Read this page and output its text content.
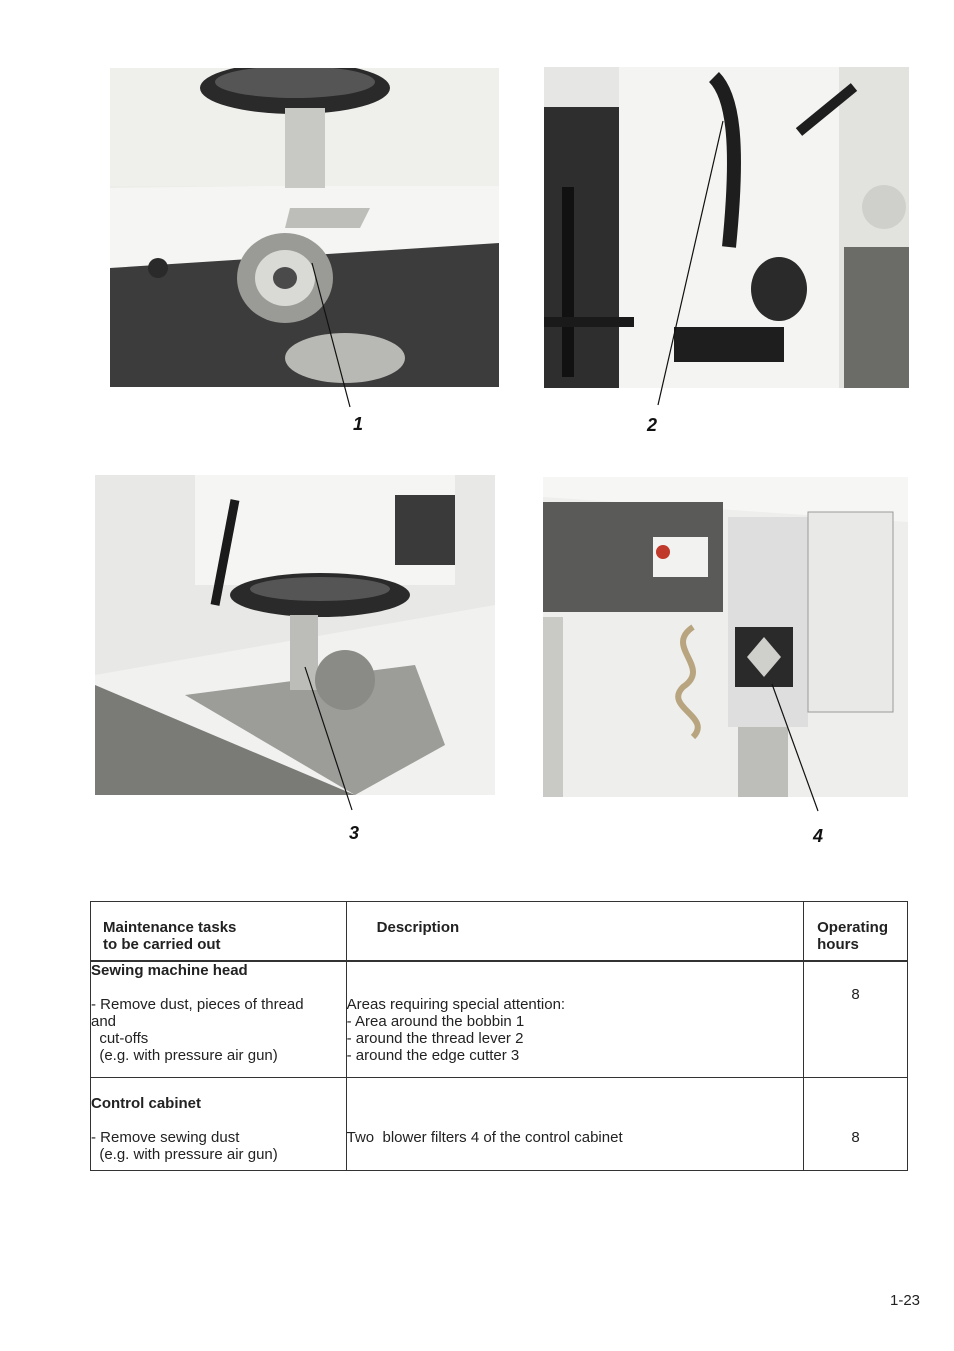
1	2
3	4
Maintenance tasks
to be carried out	Description	Operating
hours

Sewing machine head
- Remove dust, pieces of thread
and
cut-offs
(e.g. with pressure air gun)	Areas requiring special attention:
- Area around the bobbin 1
- around the thread lever 2
- around the edge cutter 3	8

Control cabinet
- Remove sewing dust
(e.g. with pressure air gun)	Two  blower filters 4 of the control cabinet	8
1-23
